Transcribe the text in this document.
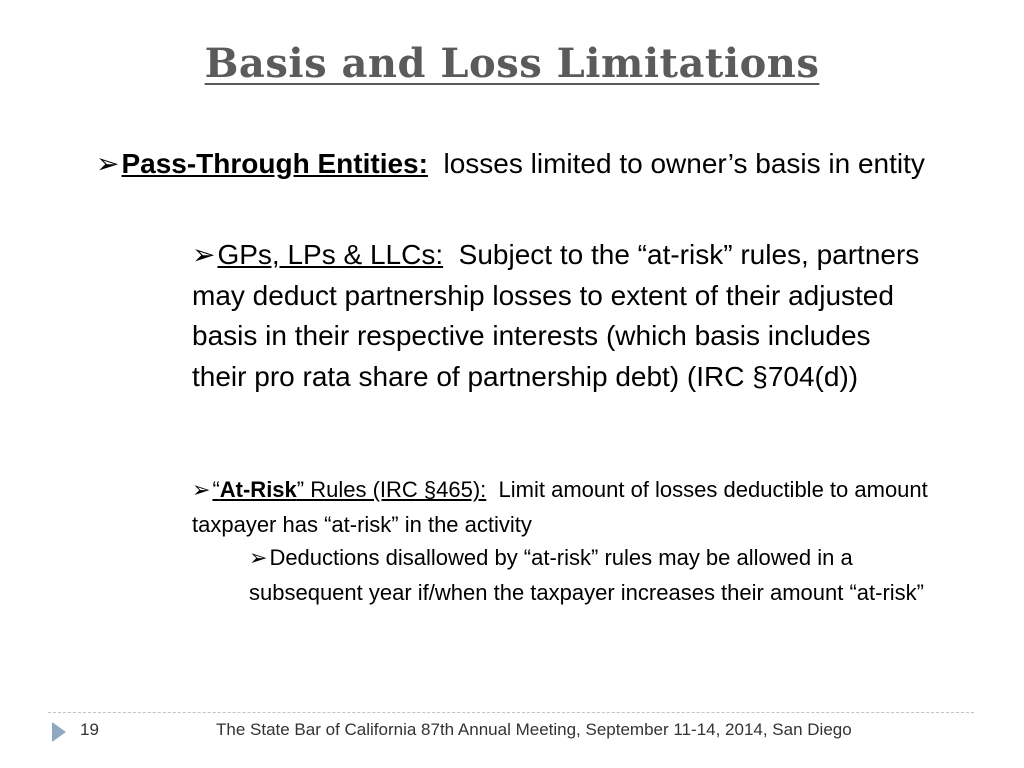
Basis and Loss Limitations
➢Pass-Through Entities:  losses limited to owner’s basis in entity
➢GPs, LPs & LLCs:  Subject to the “at-risk” rules, partners may deduct partnership losses to extent of their adjusted basis in their respective interests (which basis includes their pro rata share of partnership debt) (IRC §704(d))
➢“At-Risk” Rules (IRC §465):  Limit amount of losses deductible to amount taxpayer has “at-risk” in the activity
➢Deductions disallowed by “at-risk” rules may be allowed in a subsequent year if/when the taxpayer increases their amount “at-risk”
19	The State Bar of California 87th Annual Meeting, September 11-14, 2014, San Diego
